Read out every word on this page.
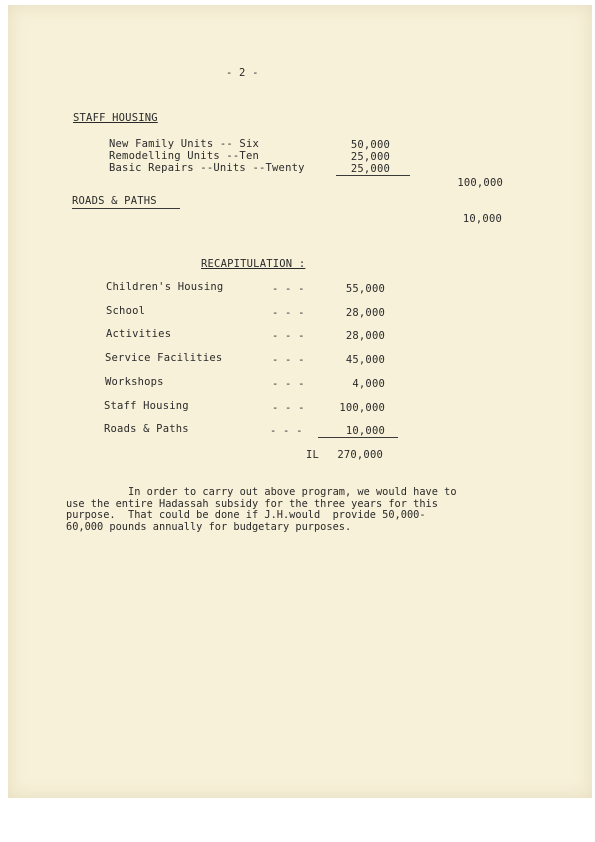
- 2 -
STAFF HOUSING
New Family Units -- Six	50,000
Remodelling Units --Ten	25,000
Basic Repairs --Units --Twenty	25,000
100,000
ROADS & PATHS
10,000
RECAPITULATION :
Children's Housing	- - -	55,000
School	- - -	28,000
Activities	- - -	28,000
Service Facilities	- - -	45,000
Workshops	- - -	4,000
Staff Housing	- - -	100,000
Roads & Paths	- - -	10,000
IL	270,000
In order to carry out above program, we would have to
use the entire Hadassah subsidy for the three years for this
purpose.  That could be done if J.H.would  provide 50,000-
60,000 pounds annually for budgetary purposes.
